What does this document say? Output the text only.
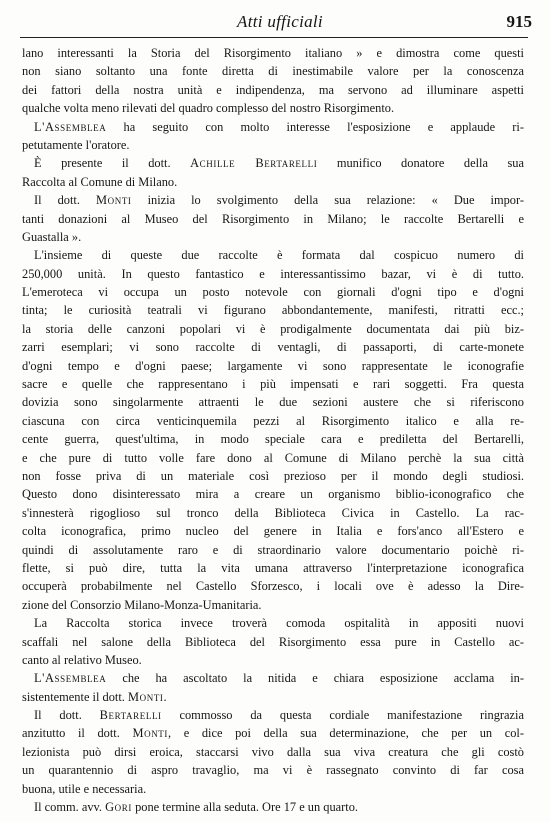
Atti ufficiali	915
lano interessanti la Storia del Risorgimento italiano » e dimostra come questi
non siano soltanto una fonte diretta di inestimabile valore per la conoscenza
dei fattori della nostra unità e indipendenza, ma servono ad illuminare aspetti
qualche volta meno rilevati del quadro complesso del nostro Risorgimento.
L'Assemblea ha seguito con molto interesse l'esposizione e applaude ri-
petutamente l'oratore.
È presente il dott. Achille Bertarelli munifico donatore della sua
Raccolta al Comune di Milano.
Il dott. Monti inizia lo svolgimento della sua relazione: « Due impor-
tanti donazioni al Museo del Risorgimento in Milano; le raccolte Bertarelli e
Guastalla ».
L'insieme di queste due raccolte è formata dal cospicuo numero di
250,000 unità. In questo fantastico e interessantissimo bazar, vi è di tutto.
L'emeroteca vi occupa un posto notevole con giornali d'ogni tipo e d'ogni
tinta; le curiosità teatrali vi figurano abbondantemente, manifesti, ritratti ecc.;
la storia delle canzoni popolari vi è prodigalmente documentata dai più biz-
zarri esemplari; vi sono raccolte di ventagli, di passaporti, di carte-monete
d'ogni tempo e d'ogni paese; largamente vi sono rappresentate le iconografie
sacre e quelle che rappresentano i più impensati e rari soggetti. Fra questa
dovizia sono singolarmente attraenti le due sezioni austere che si riferiscono
ciascuna con circa venticinquemila pezzi al Risorgimento italico e alla re-
cente guerra, quest'ultima, in modo speciale cara e prediletta del Bertarelli,
e che pure di tutto volle fare dono al Comune di Milano perchè la sua città
non fosse priva di un materiale così prezioso per il mondo degli studiosi.
Questo dono disinteressato mira a creare un organismo biblio-iconografico che
s'innesterà rigoglioso sul tronco della Biblioteca Civica in Castello. La rac-
colta iconografica, primo nucleo del genere in Italia e fors'anco all'Estero e
quindi di assolutamente raro e di straordinario valore documentario poichè ri-
flette, si può dire, tutta la vita umana attraverso l'interpretazione iconografica
occuperà probabilmente nel Castello Sforzesco, i locali ove è adesso la Dire-
zione del Consorzio Milano-Monza-Umanitaria.
La Raccolta storica invece troverà comoda ospitalità in appositi nuovi
scaffali nel salone della Biblioteca del Risorgimento essa pure in Castello ac-
canto al relativo Museo.
L'Assemblea che ha ascoltato la nitida e chiara esposizione acclama in-
sistentemente il dott. Monti.
Il dott. Bertarelli commosso da questa cordiale manifestazione ringrazia
anzitutto il dott. Monti, e dice poi della sua determinazione, che per un col-
lezionista può dirsi eroica, staccarsi vivo dalla sua viva creatura che gli costò
un quarantennio di aspro travaglio, ma vi è rassegnato convinto di far cosa
buona, utile e necessaria.
Il comm. avv. Gori pone termine alla seduta. Ore 17 e un quarto.
